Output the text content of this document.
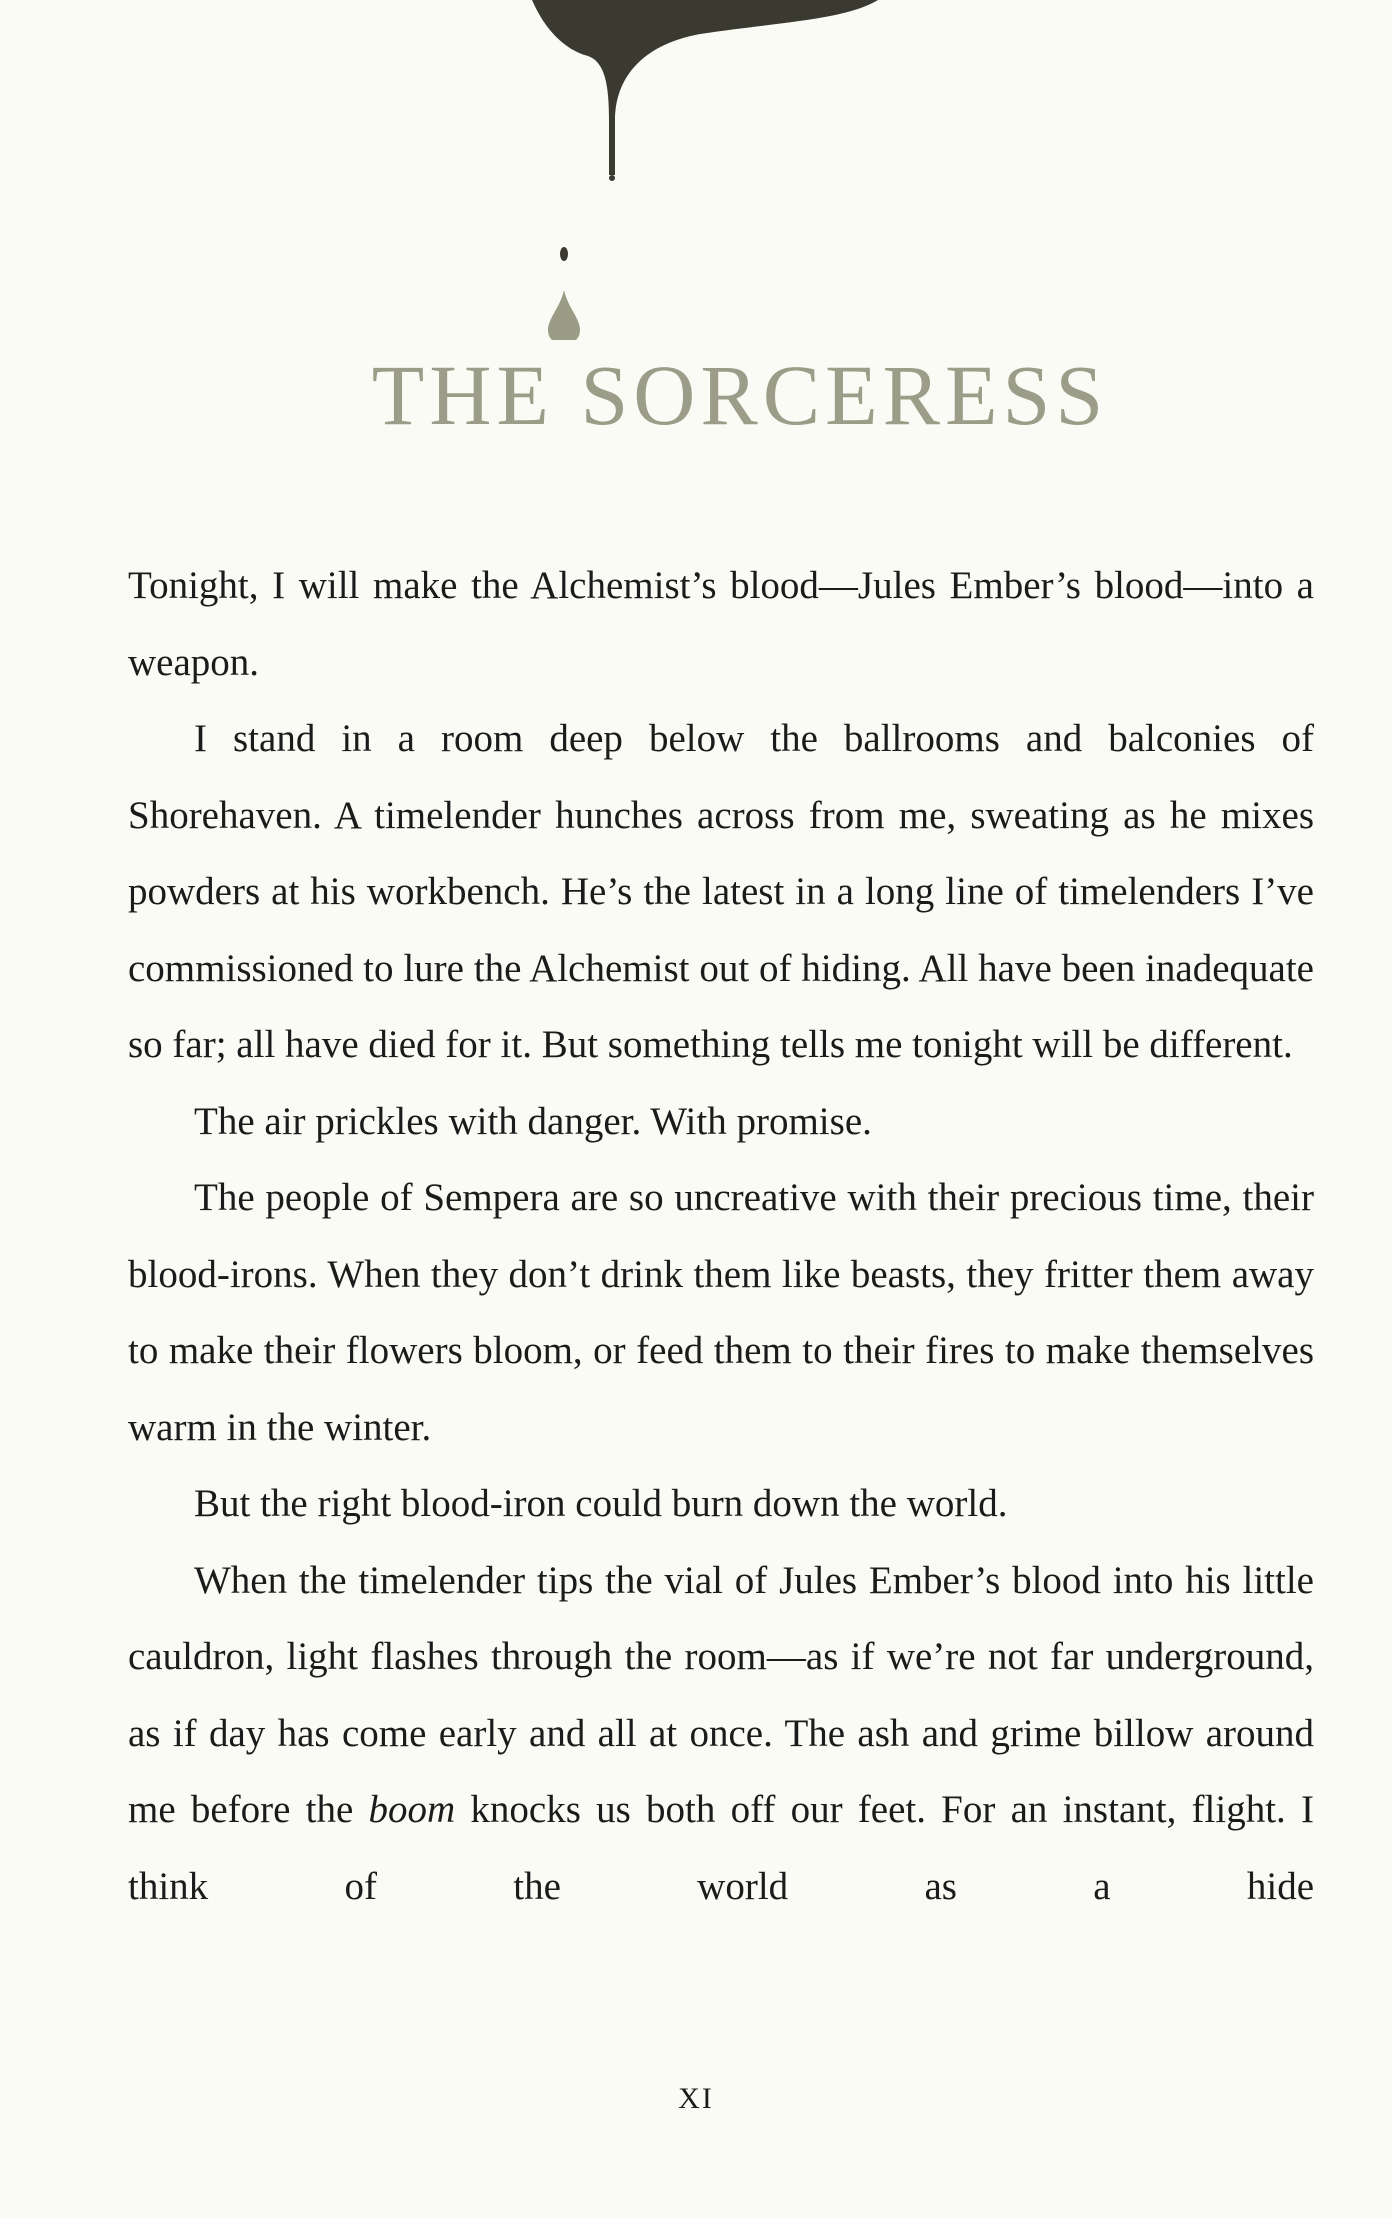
THE SORCERESS

Tonight, I will make the Alchemist’s blood—Jules Ember’s blood—into a weapon.

I stand in a room deep below the ballrooms and balconies of Shorehaven. A timelender hunches across from me, sweating as he mixes powders at his workbench. He’s the latest in a long line of timelenders I’ve commissioned to lure the Alchemist out of hiding. All have been inadequate so far; all have died for it. But something tells me tonight will be different.

The air prickles with danger. With promise.

The people of Sempera are so uncreative with their precious time, their blood-irons. When they don’t drink them like beasts, they fritter them away to make their flowers bloom, or feed them to their fires to make themselves warm in the winter.

But the right blood-iron could burn down the world.

When the timelender tips the vial of Jules Ember’s blood into his little cauldron, light flashes through the room—as if we’re not far underground, as if day has come early and all at once. The ash and grime billow around me before the boom knocks us both off our feet. For an instant, flight. I think of the world as a hide

XI
